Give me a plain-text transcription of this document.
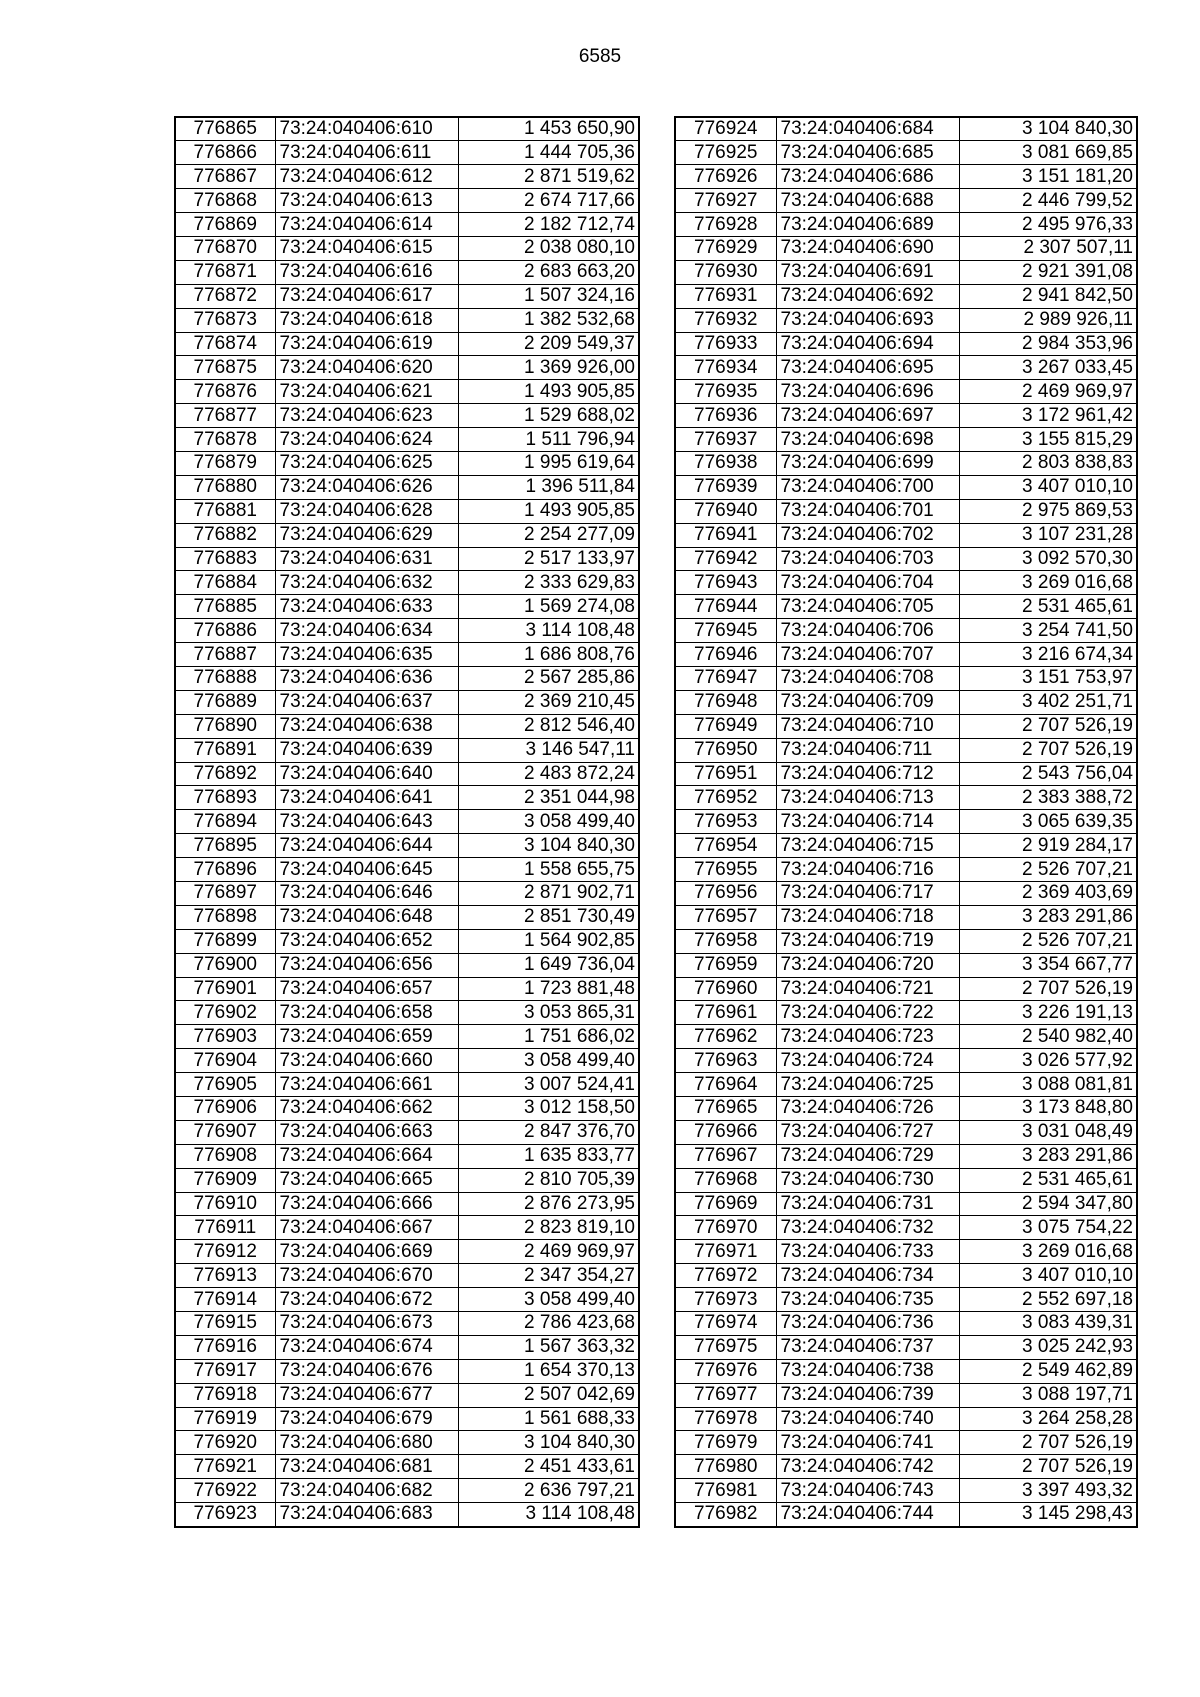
6585
776865	73:24:040406:610	1 453 650,90
776866	73:24:040406:611	1 444 705,36
776867	73:24:040406:612	2 871 519,62
776868	73:24:040406:613	2 674 717,66
776869	73:24:040406:614	2 182 712,74
776870	73:24:040406:615	2 038 080,10
776871	73:24:040406:616	2 683 663,20
776872	73:24:040406:617	1 507 324,16
776873	73:24:040406:618	1 382 532,68
776874	73:24:040406:619	2 209 549,37
776875	73:24:040406:620	1 369 926,00
776876	73:24:040406:621	1 493 905,85
776877	73:24:040406:623	1 529 688,02
776878	73:24:040406:624	1 511 796,94
776879	73:24:040406:625	1 995 619,64
776880	73:24:040406:626	1 396 511,84
776881	73:24:040406:628	1 493 905,85
776882	73:24:040406:629	2 254 277,09
776883	73:24:040406:631	2 517 133,97
776884	73:24:040406:632	2 333 629,83
776885	73:24:040406:633	1 569 274,08
776886	73:24:040406:634	3 114 108,48
776887	73:24:040406:635	1 686 808,76
776888	73:24:040406:636	2 567 285,86
776889	73:24:040406:637	2 369 210,45
776890	73:24:040406:638	2 812 546,40
776891	73:24:040406:639	3 146 547,11
776892	73:24:040406:640	2 483 872,24
776893	73:24:040406:641	2 351 044,98
776894	73:24:040406:643	3 058 499,40
776895	73:24:040406:644	3 104 840,30
776896	73:24:040406:645	1 558 655,75
776897	73:24:040406:646	2 871 902,71
776898	73:24:040406:648	2 851 730,49
776899	73:24:040406:652	1 564 902,85
776900	73:24:040406:656	1 649 736,04
776901	73:24:040406:657	1 723 881,48
776902	73:24:040406:658	3 053 865,31
776903	73:24:040406:659	1 751 686,02
776904	73:24:040406:660	3 058 499,40
776905	73:24:040406:661	3 007 524,41
776906	73:24:040406:662	3 012 158,50
776907	73:24:040406:663	2 847 376,70
776908	73:24:040406:664	1 635 833,77
776909	73:24:040406:665	2 810 705,39
776910	73:24:040406:666	2 876 273,95
776911	73:24:040406:667	2 823 819,10
776912	73:24:040406:669	2 469 969,97
776913	73:24:040406:670	2 347 354,27
776914	73:24:040406:672	3 058 499,40
776915	73:24:040406:673	2 786 423,68
776916	73:24:040406:674	1 567 363,32
776917	73:24:040406:676	1 654 370,13
776918	73:24:040406:677	2 507 042,69
776919	73:24:040406:679	1 561 688,33
776920	73:24:040406:680	3 104 840,30
776921	73:24:040406:681	2 451 433,61
776922	73:24:040406:682	2 636 797,21
776923	73:24:040406:683	3 114 108,48
776924	73:24:040406:684	3 104 840,30
776925	73:24:040406:685	3 081 669,85
776926	73:24:040406:686	3 151 181,20
776927	73:24:040406:688	2 446 799,52
776928	73:24:040406:689	2 495 976,33
776929	73:24:040406:690	2 307 507,11
776930	73:24:040406:691	2 921 391,08
776931	73:24:040406:692	2 941 842,50
776932	73:24:040406:693	2 989 926,11
776933	73:24:040406:694	2 984 353,96
776934	73:24:040406:695	3 267 033,45
776935	73:24:040406:696	2 469 969,97
776936	73:24:040406:697	3 172 961,42
776937	73:24:040406:698	3 155 815,29
776938	73:24:040406:699	2 803 838,83
776939	73:24:040406:700	3 407 010,10
776940	73:24:040406:701	2 975 869,53
776941	73:24:040406:702	3 107 231,28
776942	73:24:040406:703	3 092 570,30
776943	73:24:040406:704	3 269 016,68
776944	73:24:040406:705	2 531 465,61
776945	73:24:040406:706	3 254 741,50
776946	73:24:040406:707	3 216 674,34
776947	73:24:040406:708	3 151 753,97
776948	73:24:040406:709	3 402 251,71
776949	73:24:040406:710	2 707 526,19
776950	73:24:040406:711	2 707 526,19
776951	73:24:040406:712	2 543 756,04
776952	73:24:040406:713	2 383 388,72
776953	73:24:040406:714	3 065 639,35
776954	73:24:040406:715	2 919 284,17
776955	73:24:040406:716	2 526 707,21
776956	73:24:040406:717	2 369 403,69
776957	73:24:040406:718	3 283 291,86
776958	73:24:040406:719	2 526 707,21
776959	73:24:040406:720	3 354 667,77
776960	73:24:040406:721	2 707 526,19
776961	73:24:040406:722	3 226 191,13
776962	73:24:040406:723	2 540 982,40
776963	73:24:040406:724	3 026 577,92
776964	73:24:040406:725	3 088 081,81
776965	73:24:040406:726	3 173 848,80
776966	73:24:040406:727	3 031 048,49
776967	73:24:040406:729	3 283 291,86
776968	73:24:040406:730	2 531 465,61
776969	73:24:040406:731	2 594 347,80
776970	73:24:040406:732	3 075 754,22
776971	73:24:040406:733	3 269 016,68
776972	73:24:040406:734	3 407 010,10
776973	73:24:040406:735	2 552 697,18
776974	73:24:040406:736	3 083 439,31
776975	73:24:040406:737	3 025 242,93
776976	73:24:040406:738	2 549 462,89
776977	73:24:040406:739	3 088 197,71
776978	73:24:040406:740	3 264 258,28
776979	73:24:040406:741	2 707 526,19
776980	73:24:040406:742	2 707 526,19
776981	73:24:040406:743	3 397 493,32
776982	73:24:040406:744	3 145 298,43
